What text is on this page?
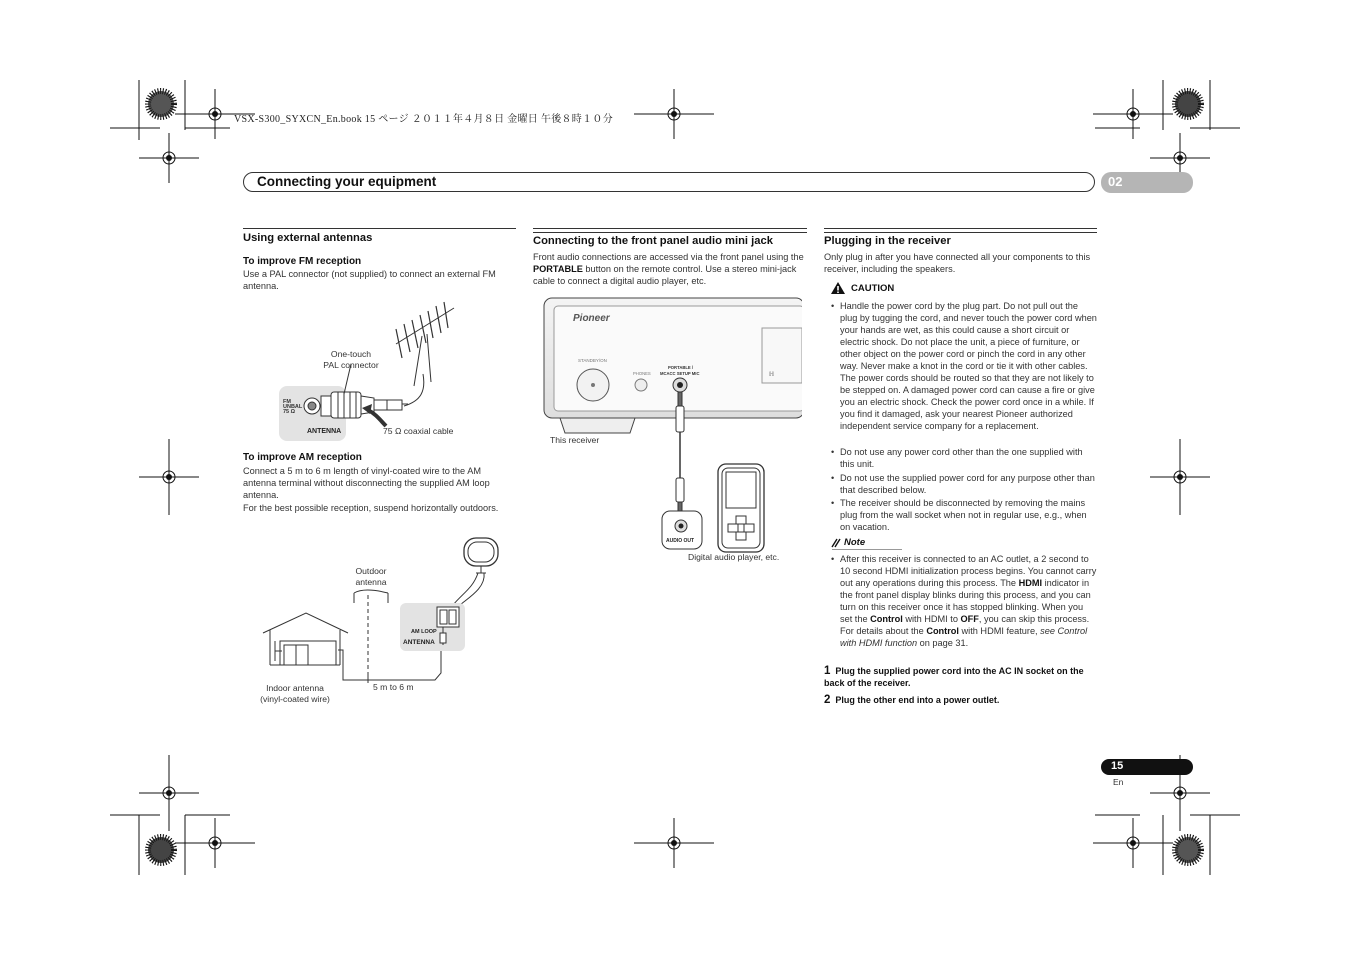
VSX-S300_SYXCN_En.book 15 ページ ２０１１年４月８日 金曜日 午後８時１０分
Connecting your equipment	02
Using external antennas
To improve FM reception
Use a PAL connector (not supplied) to connect an external FM antenna.
FM
UNBAL
75 Ω
ANTENNA
One-touch
PAL connector
75 Ω coaxial cable
To improve AM reception
Connect a 5 m to 6 m length of vinyl-coated wire to the AM antenna terminal without disconnecting the supplied AM loop antenna.
For the best possible reception, suspend horizontally outdoors.
AM LOOP
ANTENNA
Outdoor
antenna
Indoor antenna
(vinyl-coated wire)
5 m to 6 m
Connecting to the front panel audio mini jack
Front audio connections are accessed via the front panel using the PORTABLE button on the remote control. Use a stereo mini-jack cable to connect a digital audio player, etc.
Pioneer
ℍ
STANDBY/ON
PHONES
PORTABLE /
MCACC SETUP MIC
AUDIO OUT
This receiver
Digital audio player, etc.
Plugging in the receiver
Only plug in after you have connected all your components to this receiver, including the speakers.
CAUTION
• Handle the power cord by the plug part. Do not pull out the plug by tugging the cord, and never touch the power cord when your hands are wet, as this could cause a short circuit or electric shock. Do not place the unit, a piece of furniture, or other object on the power cord or pinch the cord in any other way. Never make a knot in the cord or tie it with other cables. The power cords should be routed so that they are not likely to be stepped on. A damaged power cord can cause a fire or give you an electric shock. Check the power cord once in a while. If you find it damaged, ask your nearest Pioneer authorized independent service company for a replacement.
• Do not use any power cord other than the one supplied with this unit.
• Do not use the supplied power cord for any purpose other than that described below.
• The receiver should be disconnected by removing the mains plug from the wall socket when not in regular use, e.g., when on vacation.
Note
• After this receiver is connected to an AC outlet, a 2 second to 10 second HDMI initialization process begins. You cannot carry out any operations during this process. The HDMI indicator in the front panel display blinks during this process, and you can turn on this receiver once it has stopped blinking. When you set the Control with HDMI to OFF, you can skip this process. For details about the Control with HDMI feature, see Control with HDMI function on page 31.
1 Plug the supplied power cord into the AC IN socket on the back of the receiver.
2 Plug the other end into a power outlet.
15
En
